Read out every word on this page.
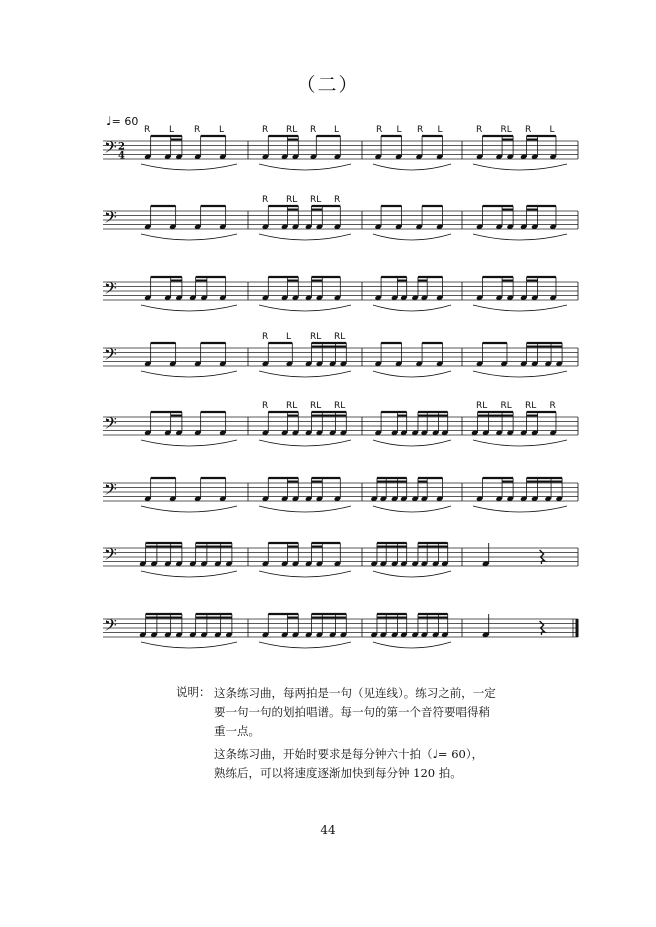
（二）
♩= 60
𝄢 2
4
𝄢
𝄢
𝄢
𝄢
𝄢
𝄢
𝄢
R L R L	R RL R L	R L R L	R RL R L
R RL RL R
R L RL RL
R RL RL RL	RL RL RL R
说明： 这条练习曲，每两拍是一句（见连线）。练习之前，一定

要一句一句的划拍唱谱。每一句的第一个音符要唱得稍

重一点。

这条练习曲，开始时要求是每分钟六十拍（♩= 60），

熟练后，可以将速度逐渐加快到每分钟 120 拍。

44
